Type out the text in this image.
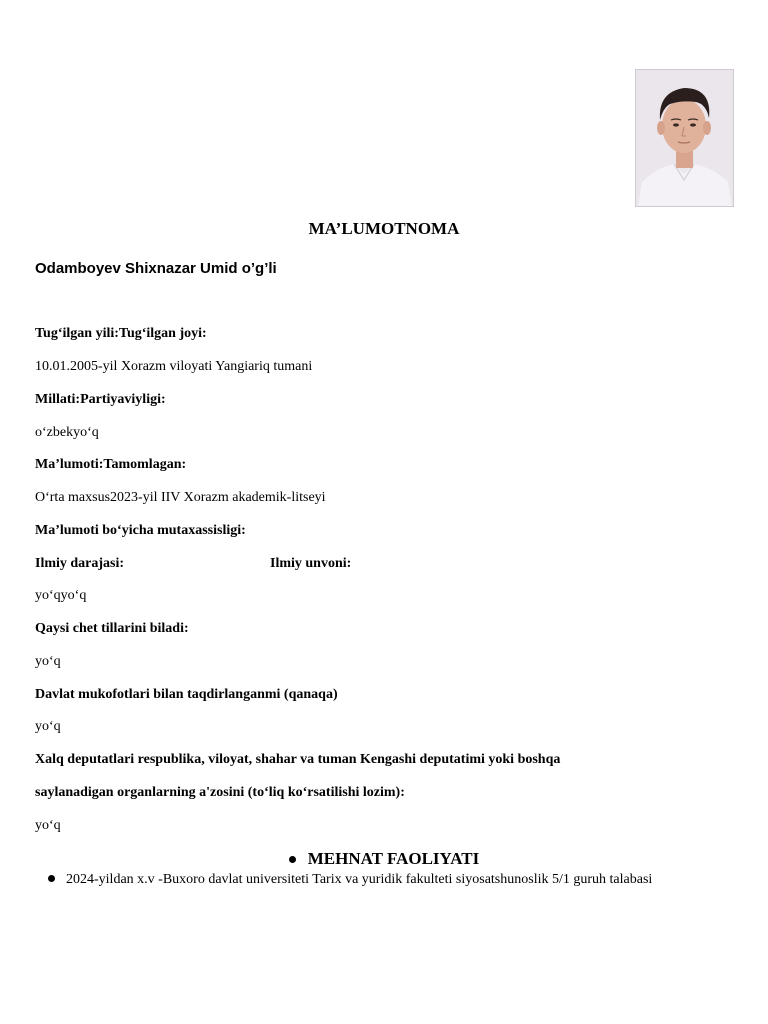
MA’LUMOTNOMA
Odamboyev Shixnazar Umid o’g’li
Tug‘ilgan yili:Tug‘ilgan joyi:
10.01.2005-yil Xorazm viloyati Yangiariq tumani
Millati:Partiyaviyligi:
o‘zbekyo‘q
Ma’lumoti:Tamomlagan:
O‘rta maxsus2023-yil IIV Xorazm akademik-litseyi
Ma’lumoti bo‘yicha mutaxassisligi:
Ilmiy darajasi:	Ilmiy unvoni:
yo‘qyo‘q
Qaysi chet tillarini biladi:
yo‘q
Davlat mukofotlari bilan taqdirlanganmi (qanaqa)
yo‘q
Xalq deputatlari respublika, viloyat, shahar va tuman Kengashi deputatimi yoki boshqa
saylanadigan organlarning a'zosini (to‘liq ko‘rsatilishi lozim):
yo‘q
MEHNAT FAOLIYATI
2024-yildan x.v -Buxoro davlat universiteti Tarix va yuridik fakulteti siyosatshunoslik 5/1 guruh talabasi
